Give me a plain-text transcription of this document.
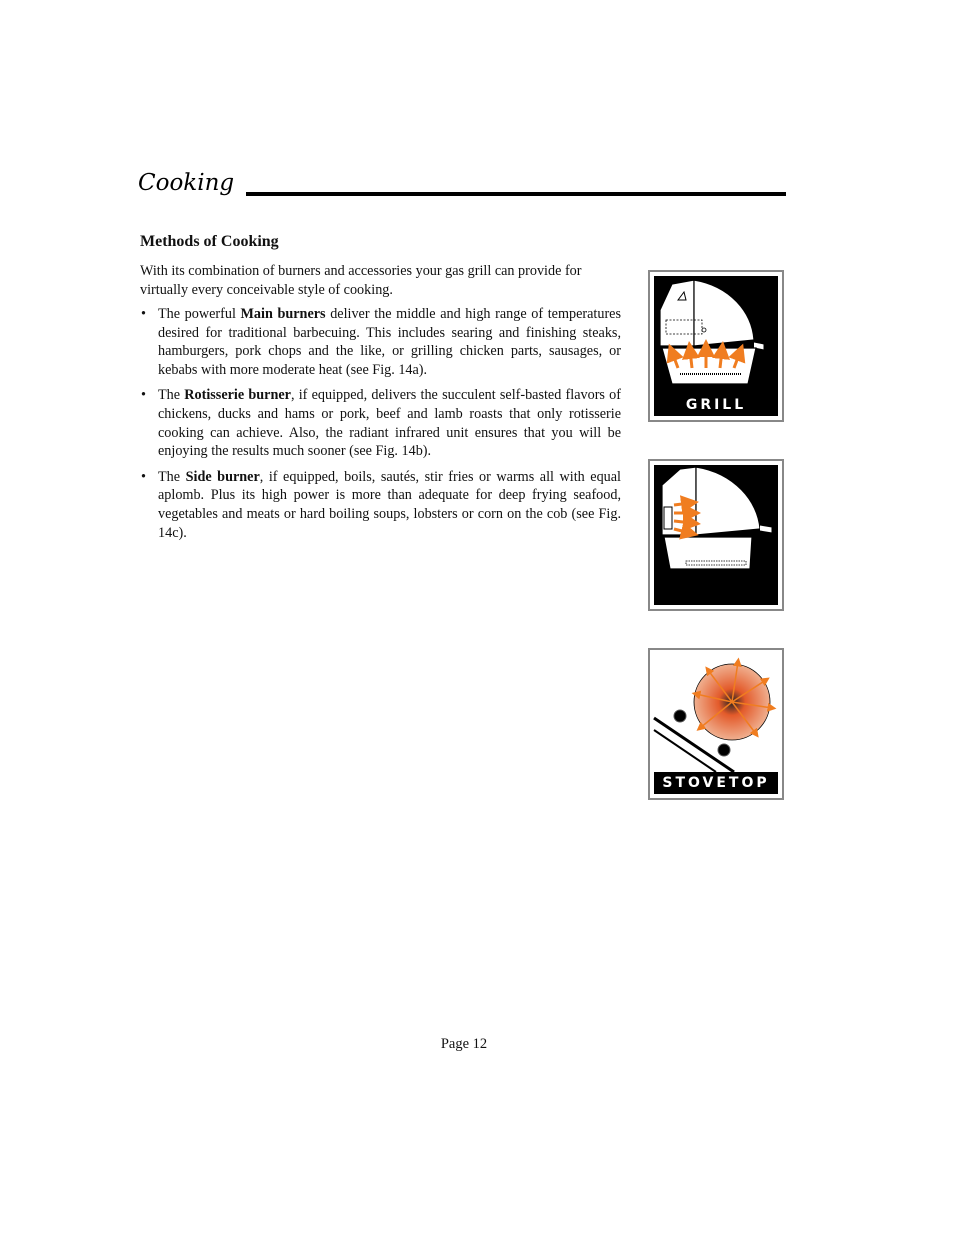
Cooking
Methods of Cooking

With its combination of burners and accessories your gas grill can provide for virtually every conceivable style of cooking.

• The powerful Main burners deliver the middle and high range of temperatures desired for traditional barbecuing. This includes searing and finishing steaks, hamburgers, pork chops and the like, or grilling chicken parts, sausages, or kebabs with more moderate heat (see Fig. 14a).
• The Rotisserie burner, if equipped, delivers the succulent self-basted flavors of chickens, ducks and hams or pork, beef and lamb roasts that only rotisserie cooking can achieve. Also, the radiant infrared unit ensures that you will be enjoying the results much sooner (see Fig. 14b).
• The Side burner, if equipped, boils, sautés, stir fries or warms all with equal aplomb. Plus its high power is more than adequate for deep frying seafood, vegetables and meats or hard boiling soups, lobsters or corn on the cob (see Fig. 14c).
GRILL
STOVETOP
Page 12
